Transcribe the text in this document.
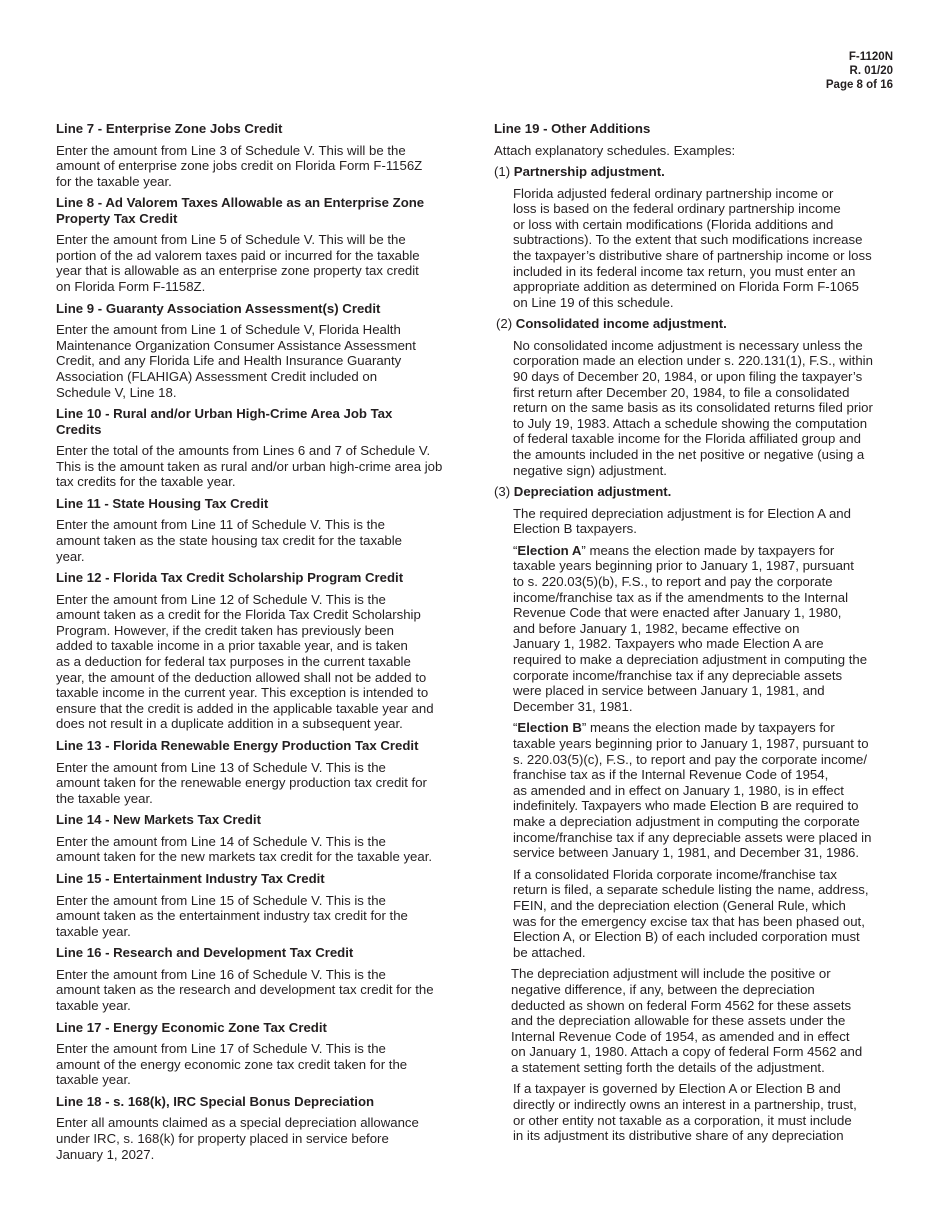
F-1120N
R. 01/20
Page 8 of 16
Line 7 - Enterprise Zone Jobs Credit
Enter the amount from Line 3 of Schedule V. This will be the
amount of enterprise zone jobs credit on Florida Form F-1156Z
for the taxable year.
Line 8 - Ad Valorem Taxes Allowable as an Enterprise Zone
Property Tax Credit
Enter the amount from Line 5 of Schedule V. This will be the
portion of the ad valorem taxes paid or incurred for the taxable
year that is allowable as an enterprise zone property tax credit
on Florida Form F-1158Z.
Line 9 - Guaranty Association Assessment(s) Credit
Enter the amount from Line 1 of Schedule V, Florida Health
Maintenance Organization Consumer Assistance Assessment
Credit, and any Florida Life and Health Insurance Guaranty
Association (FLAHIGA) Assessment Credit included on
Schedule V, Line 18.
Line 10 - Rural and/or Urban High-Crime Area Job Tax
Credits
Enter the total of the amounts from Lines 6 and 7 of Schedule V.
This is the amount taken as rural and/or urban high-crime area job
tax credits for the taxable year.
Line 11 - State Housing Tax Credit
Enter the amount from Line 11 of Schedule V. This is the
amount taken as the state housing tax credit for the taxable
year.
Line 12 - Florida Tax Credit Scholarship Program Credit
Enter the amount from Line 12 of Schedule V. This is the
amount taken as a credit for the Florida Tax Credit Scholarship
Program. However, if the credit taken has previously been
added to taxable income in a prior taxable year, and is taken
as a deduction for federal tax purposes in the current taxable
year, the amount of the deduction allowed shall not be added to
taxable income in the current year. This exception is intended to
ensure that the credit is added in the applicable taxable year and
does not result in a duplicate addition in a subsequent year.
Line 13 - Florida Renewable Energy Production Tax Credit
Enter the amount from Line 13 of Schedule V. This is the
amount taken for the renewable energy production tax credit for
the taxable year.
Line 14 - New Markets Tax Credit
Enter the amount from Line 14 of Schedule V. This is the
amount taken for the new markets tax credit for the taxable year.
Line 15 - Entertainment Industry Tax Credit
Enter the amount from Line 15 of Schedule V. This is the
amount taken as the entertainment industry tax credit for the
taxable year.
Line 16 - Research and Development Tax Credit
Enter the amount from Line 16 of Schedule V. This is the
amount taken as the research and development tax credit for the
taxable year.
Line 17 - Energy Economic Zone Tax Credit
Enter the amount from Line 17 of Schedule V. This is the
amount of the energy economic zone tax credit taken for the
taxable year.
Line 18 - s. 168(k), IRC Special Bonus Depreciation
Enter all amounts claimed as a special depreciation allowance
under IRC, s. 168(k) for property placed in service before
January 1, 2027.
Line 19 - Other Additions
Attach explanatory schedules. Examples:
(1) Partnership adjustment.
Florida adjusted federal ordinary partnership income or
loss is based on the federal ordinary partnership income
or loss with certain modifications (Florida additions and
subtractions). To the extent that such modifications increase
the taxpayer’s distributive share of partnership income or loss
included in its federal income tax return, you must enter an
appropriate addition as determined on Florida Form F-1065
on Line 19 of this schedule.
(2) Consolidated income adjustment.
No consolidated income adjustment is necessary unless the
corporation made an election under s. 220.131(1), F.S., within
90 days of December 20, 1984, or upon filing the taxpayer’s
first return after December 20, 1984, to file a consolidated
return on the same basis as its consolidated returns filed prior
to July 19, 1983. Attach a schedule showing the computation
of federal taxable income for the Florida affiliated group and
the amounts included in the net positive or negative (using a
negative sign) adjustment.
(3) Depreciation adjustment.
The required depreciation adjustment is for Election A and
Election B taxpayers.
“Election A” means the election made by taxpayers for
taxable years beginning prior to January 1, 1987, pursuant
to s. 220.03(5)(b), F.S., to report and pay the corporate
income/franchise tax as if the amendments to the Internal
Revenue Code that were enacted after January 1, 1980,
and before January 1, 1982, became effective on
January 1, 1982. Taxpayers who made Election A are
required to make a depreciation adjustment in computing the
corporate income/franchise tax if any depreciable assets
were placed in service between January 1, 1981, and
December 31, 1981.
“Election B” means the election made by taxpayers for
taxable years beginning prior to January 1, 1987, pursuant to
s. 220.03(5)(c), F.S., to report and pay the corporate income/
franchise tax as if the Internal Revenue Code of 1954,
as amended and in effect on January 1, 1980, is in effect
indefinitely. Taxpayers who made Election B are required to
make a depreciation adjustment in computing the corporate
income/franchise tax if any depreciable assets were placed in
service between January 1, 1981, and December 31, 1986.
If a consolidated Florida corporate income/franchise tax
return is filed, a separate schedule listing the name, address,
FEIN, and the depreciation election (General Rule, which
was for the emergency excise tax that has been phased out,
Election A, or Election B) of each included corporation must
be attached.
The depreciation adjustment will include the positive or
negative difference, if any, between the depreciation
deducted as shown on federal Form 4562 for these assets
and the depreciation allowable for these assets under the
Internal Revenue Code of 1954, as amended and in effect
on January 1, 1980. Attach a copy of federal Form 4562 and
a statement setting forth the details of the adjustment.
If a taxpayer is governed by Election A or Election B and
directly or indirectly owns an interest in a partnership, trust,
or other entity not taxable as a corporation, it must include
in its adjustment its distributive share of any depreciation
